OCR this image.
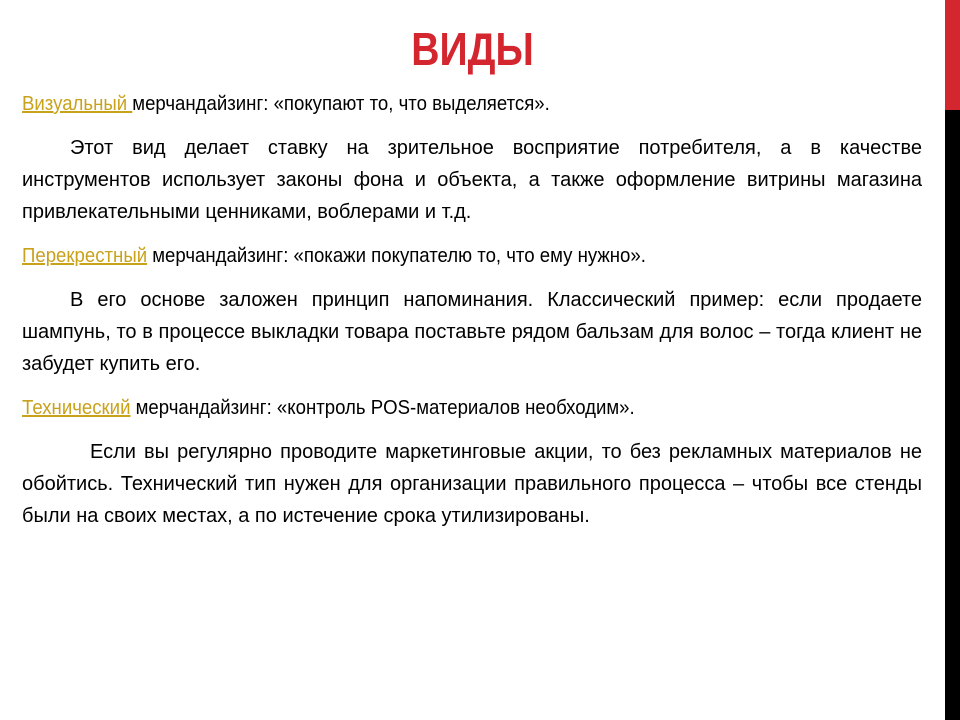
ВИДЫ

Визуальный мерчандайзинг: «покупают то, что выделяется».

Этот вид делает ставку на зрительное восприятие потребителя, а в качестве инструментов использует законы фона и объекта, а также оформление витрины магазина привлекательными ценниками, воблерами и т.д.

Перекрестный мерчандайзинг: «покажи покупателю то, что ему нужно».

В его основе заложен принцип напоминания. Классический пример: если продаете шампунь, то в процессе выкладки товара поставьте рядом бальзам для волос – тогда клиент не забудет купить его.

Технический мерчандайзинг: «контроль POS-материалов необходим».

Если вы регулярно проводите маркетинговые акции, то без рекламных материалов не обойтись. Технический тип нужен для организации правильного процесса – чтобы все стенды были на своих местах, а по истечение срока утилизированы.
